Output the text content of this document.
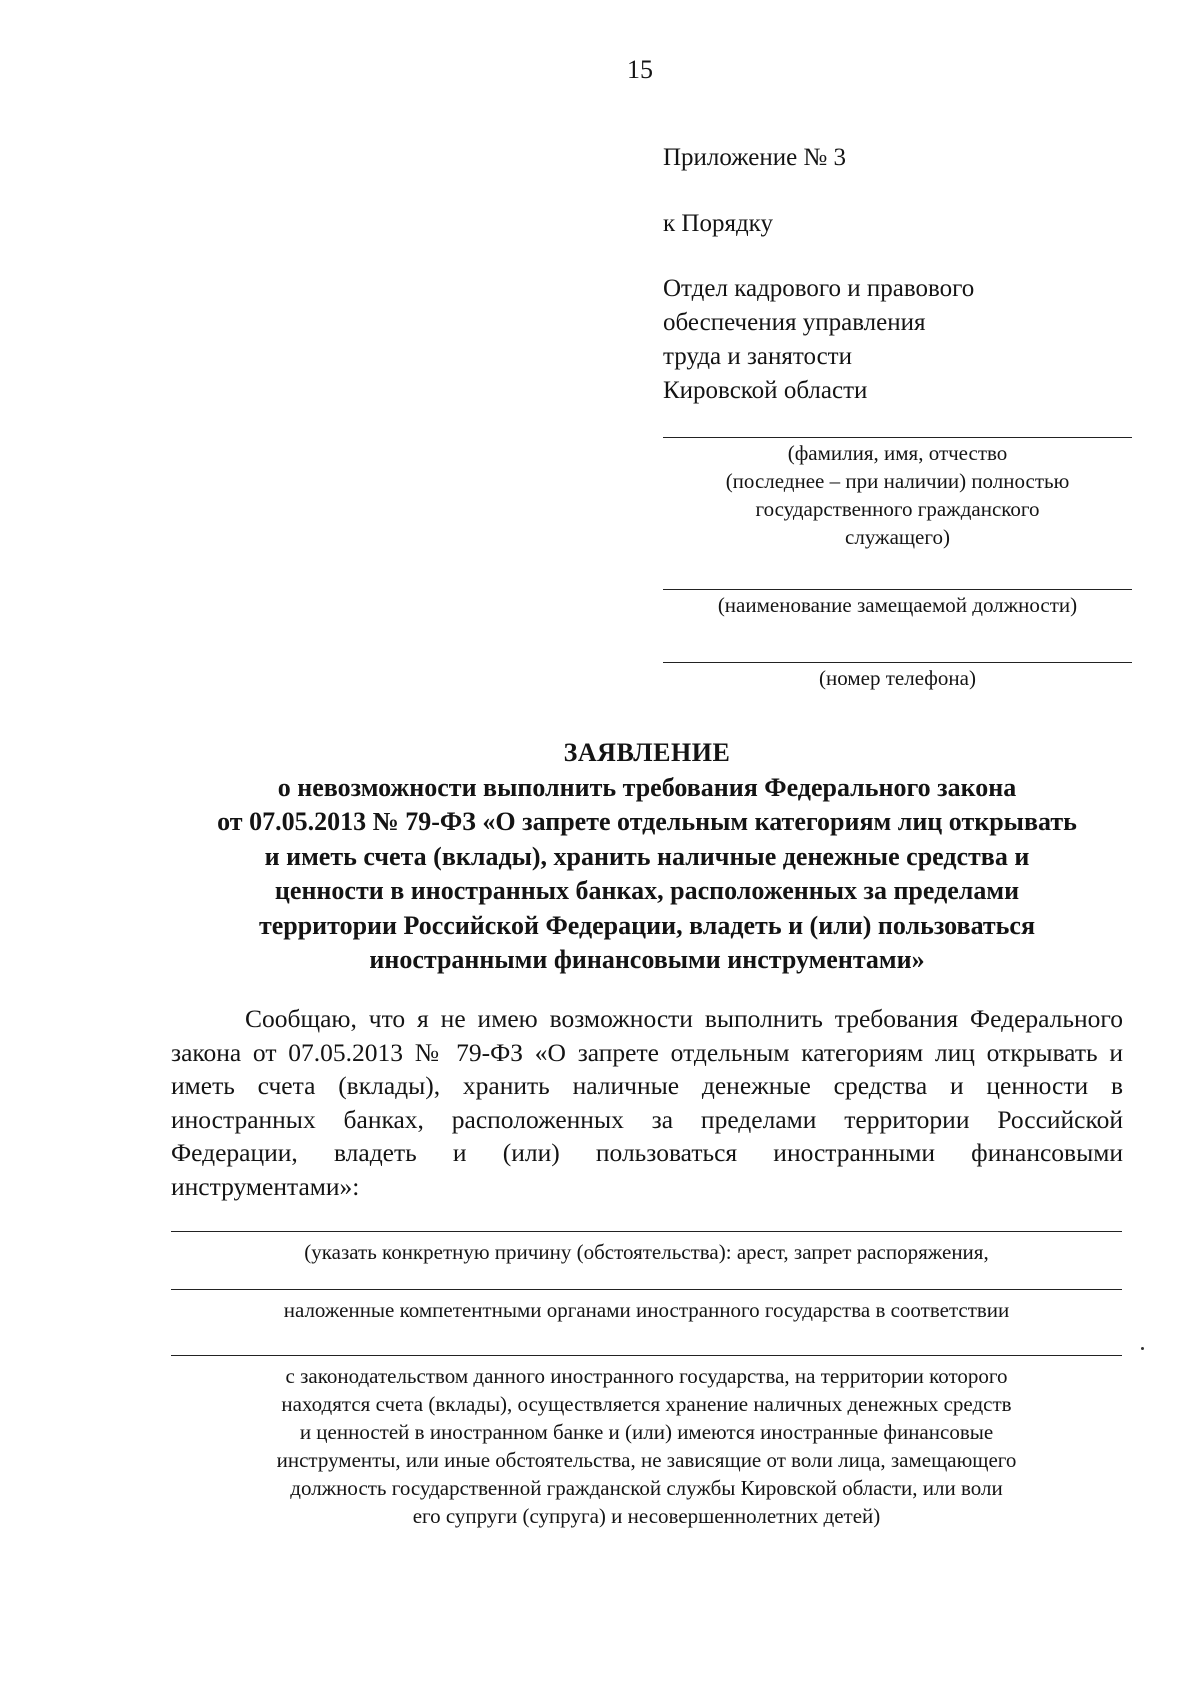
15
Приложение № 3
к Порядку
Отдел кадрового и правового
обеспечения управления
труда и занятости
Кировской области
(фамилия, имя, отчество
(последнее – при наличии) полностью
государственного гражданского
служащего)
(наименование замещаемой должности)
(номер телефона)
ЗАЯВЛЕНИЕ
о невозможности выполнить требования Федерального закона
от 07.05.2013 № 79-ФЗ «О запрете отдельным категориям лиц открывать
и иметь счета (вклады), хранить наличные денежные средства и
ценности в иностранных банках, расположенных за пределами
территории Российской Федерации, владеть и (или) пользоваться
иностранными финансовыми инструментами»
Сообщаю, что я не имею возможности выполнить требования Федерального закона от 07.05.2013 № 79-ФЗ «О запрете отдельным категориям лиц открывать и иметь счета (вклады), хранить наличные денежные средства и ценности в иностранных банках, расположенных за пределами территории Российской Федерации, владеть и (или) пользоваться иностранными финансовыми инструментами»:
(указать конкретную причину (обстоятельства): арест, запрет распоряжения,
наложенные компетентными органами иностранного государства в соответствии
с законодательством данного иностранного государства, на территории которого
находятся счета (вклады), осуществляется хранение наличных денежных средств
и ценностей в иностранном банке и (или) имеются иностранные финансовые
инструменты, или иные обстоятельства, не зависящие от воли лица, замещающего
должность государственной гражданской службы Кировской области, или воли
его супруги (супруга) и несовершеннолетних детей)
